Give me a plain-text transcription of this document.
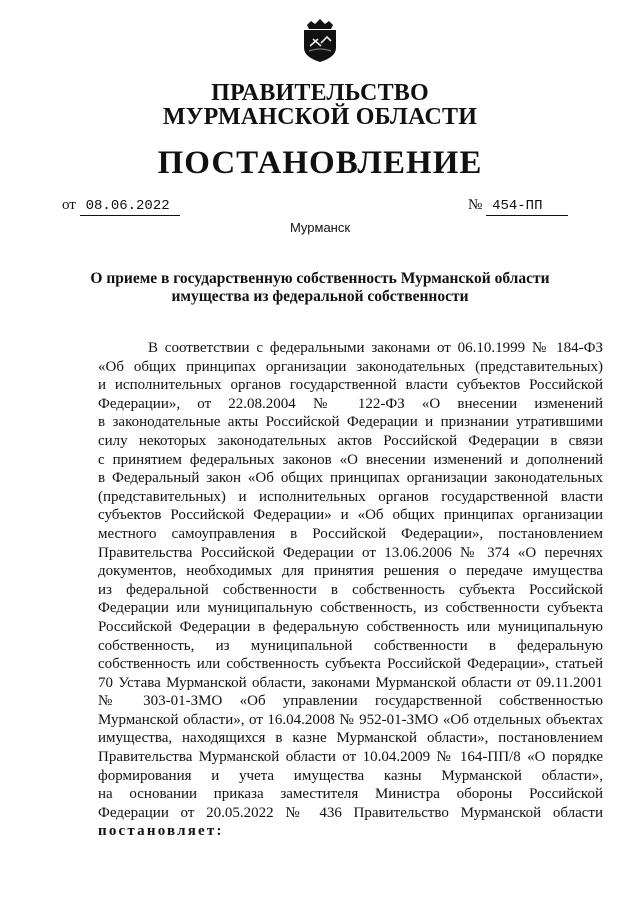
ПРАВИТЕЛЬСТВО
МУРМАНСКОЙ ОБЛАСТИ
ПОСТАНОВЛЕНИЕ
от 08.06.2022	№ 454-ПП
Мурманск
О приеме в государственную собственность Мурманской области
имущества из федеральной собственности
В соответствии с федеральными законами от 06.10.1999 № 184-ФЗ
«Об общих принципах организации законодательных (представительных)
и исполнительных органов государственной власти субъектов Российской
Федерации», от 22.08.2004 № 122-ФЗ «О внесении изменений
в законодательные акты Российской Федерации и признании утратившими
силу некоторых законодательных актов Российской Федерации в связи
с принятием федеральных законов «О внесении изменений и дополнений
в Федеральный закон «Об общих принципах организации законодательных
(представительных) и исполнительных органов государственной власти
субъектов Российской Федерации» и «Об общих принципах организации
местного самоуправления в Российской Федерации», постановлением
Правительства Российской Федерации от 13.06.2006 № 374 «О перечнях
документов, необходимых для принятия решения о передаче имущества
из федеральной собственности в собственность субъекта Российской
Федерации или муниципальную собственность, из собственности субъекта
Российской Федерации в федеральную собственность или муниципальную
собственность, из муниципальной собственности в федеральную
собственность или собственность субъекта Российской Федерации», статьей
70 Устава Мурманской области, законами Мурманской области от 09.11.2001
№ 303-01-ЗМО «Об управлении государственной собственностью
Мурманской области», от 16.04.2008 № 952-01-ЗМО «Об отдельных объектах
имущества, находящихся в казне Мурманской области», постановлением
Правительства Мурманской области от 10.04.2009 № 164-ПП/8 «О порядке
формирования и учета имущества казны Мурманской области»,
на основании приказа заместителя Министра обороны Российской
Федерации от 20.05.2022 № 436 Правительство Мурманской области
постановляет:
